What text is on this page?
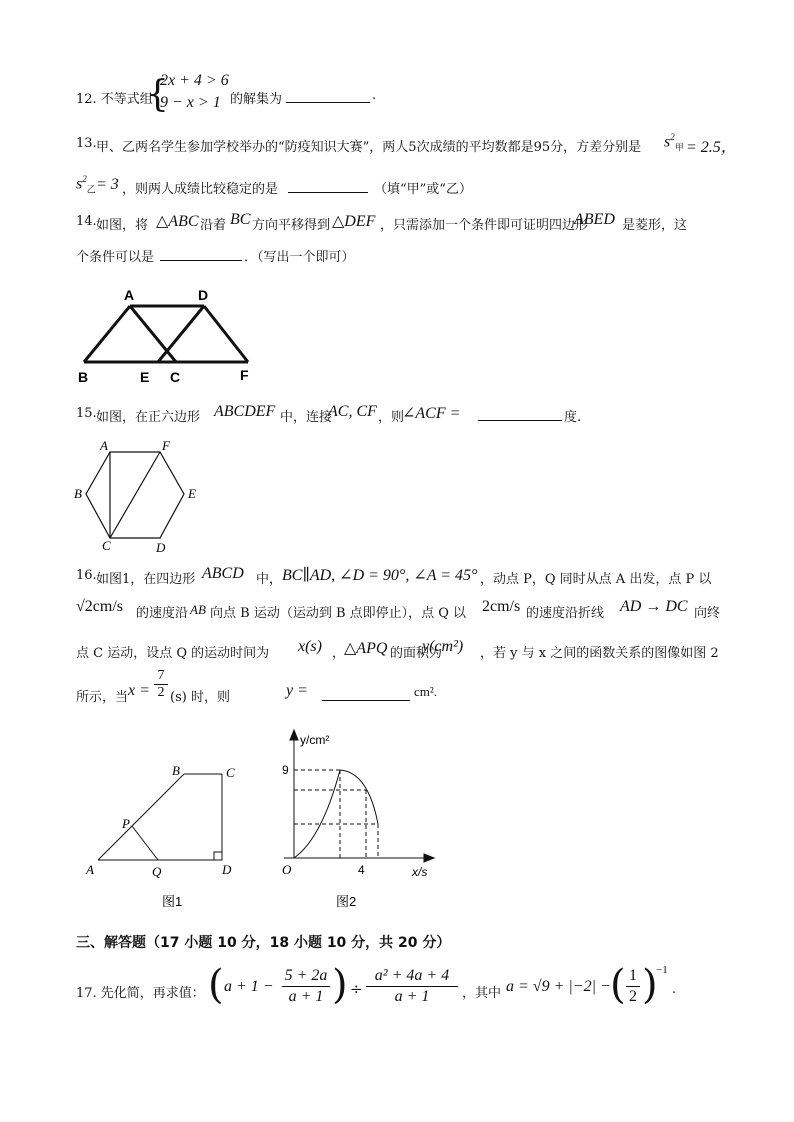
12. 不等式组
{
2x + 4 > 6
9 − x > 1 的解集为	.
13. 甲、乙两名学生参加学校举办的“防疫知识大赛”，两人5次成绩的平均数都是95分，方差分别是 $s^2_甲 = 2.5$，
$s^2_乙 = 3$ ，则两人成绩比较稳定的是	（填“甲”或“乙）
14. 如图，将 △ABC 沿着 BC 方向平移得到 △DEF ，只需添加一个条件即可证明四边形
ABED 是菱形，这
个条件可以是	．（写出一个即可）
A	D
B	E C	F
15. 如图，在正六边形 ABCDEF 中，连接
AC, CF ，则
∠ACF =	度.
A	F
B	E
C	D
16. 如图1，在四边形 ABCD 中， BC∥AD, ∠D = 90°, ∠A = 45° ，动点 P，Q 同时从点 A 出发，点 P 以
√2cm/s 的速度沿 AB 向点 B 运动（运动到 B 点即停止），点 Q 以 2cm/s 的速度沿折线 AD → DC 向终
点 C 运动，设点 Q 的运动时间为 x(s) ，
△APQ 的面积为
y(cm²) ，若 y 与 x 之间的函数关系的图像如图 2
所示，当 $x = \frac{7}{2} (s)$ 时，则	y =	cm².
B	C
P
A	Q	D
图1
y/cm²
9
O	4	x/s
图2
三、解答题（17 小题 10 分，18 小题 10 分，共 20 分）
17. 先化简，再求值： ( $a + 1 - \frac{5 + 2a}{a + 1}$ ) ÷ $\frac{\text{a² + 4a + 4}}{a + 1}$ ，其中 a = √9 + |−2| − ( $\frac{1}{2}$ )
−1
.
